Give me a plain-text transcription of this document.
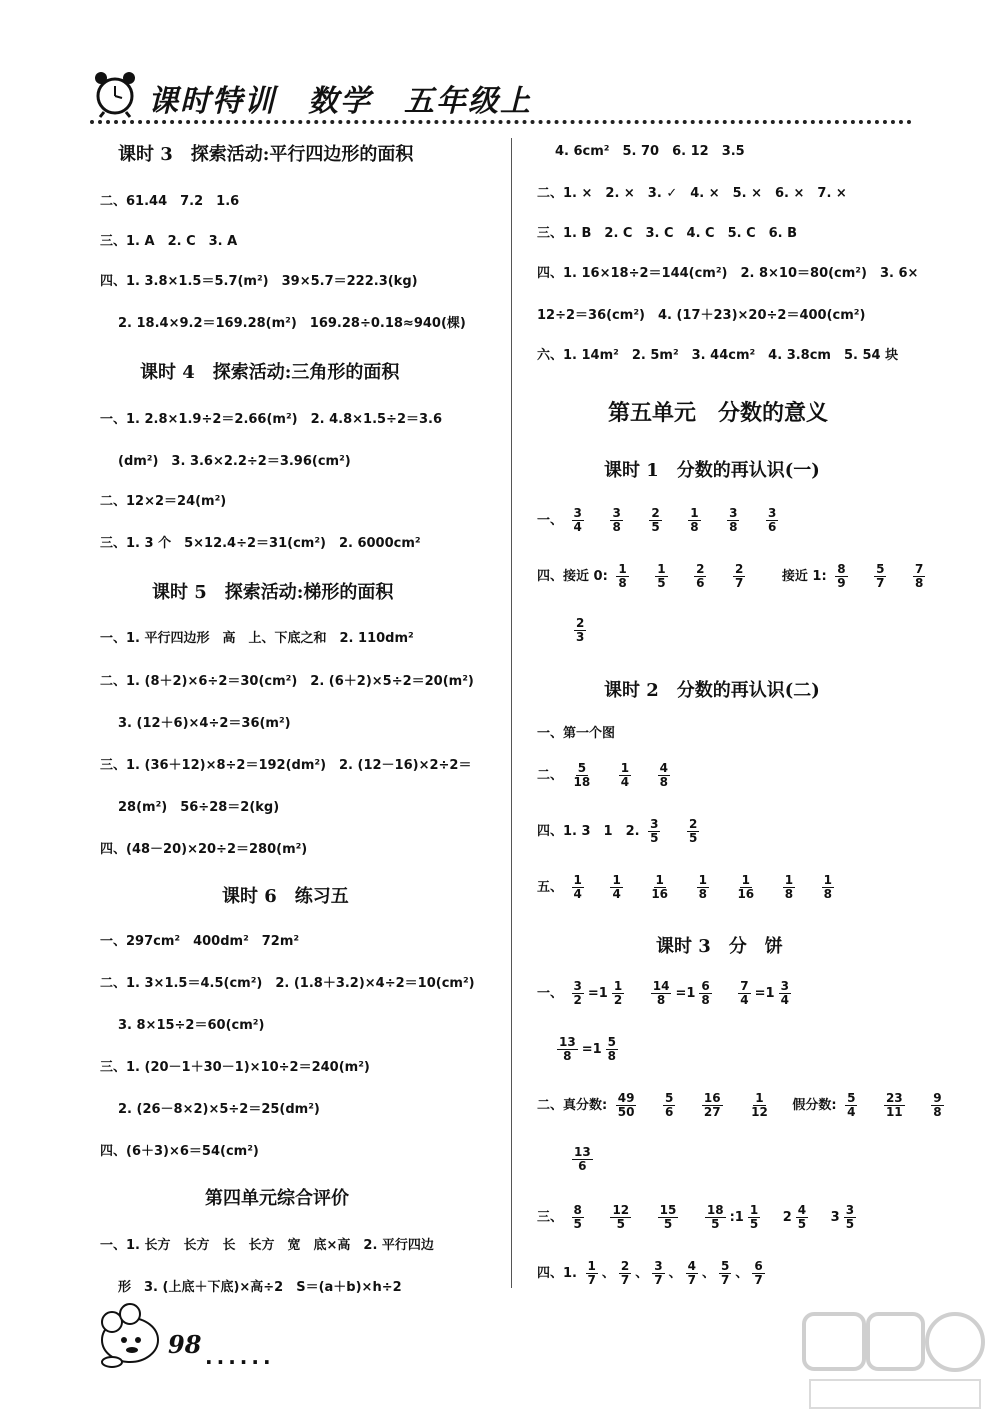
课时特训　数学　五年级上
课时 3　探索活动:平行四边形的面积
二、61.44　7.2　1.6
三、1. A　2. C　3. A
四、1. 3.8×1.5＝5.7(m²)　39×5.7＝222.3(kg)
2. 18.4×9.2＝169.28(m²)　169.28÷0.18≈940(棵)
课时 4　探索活动:三角形的面积
一、1. 2.8×1.9÷2＝2.66(m²)　2. 4.8×1.5÷2＝3.6
(dm²)　3. 3.6×2.2÷2＝3.96(cm²)
二、12×2＝24(m²)
三、1. 3 个　5×12.4÷2＝31(cm²)　2. 6000cm²
课时 5　探索活动:梯形的面积
一、1. 平行四边形　高　上、下底之和　2. 110dm²
二、1. (8＋2)×6÷2＝30(cm²)　2. (6＋2)×5÷2＝20(m²)
3. (12＋6)×4÷2＝36(m²)
三、1. (36＋12)×8÷2＝192(dm²)　2. (12－16)×2÷2＝
28(m²)　56÷28＝2(kg)
四、(48－20)×20÷2＝280(m²)
课时 6　练习五
一、297cm²　400dm²　72m²
二、1. 3×1.5＝4.5(cm²)　2. (1.8＋3.2)×4÷2＝10(cm²)
3. 8×15÷2＝60(cm²)
三、1. (20－1＋30－1)×10÷2＝240(m²)
2. (26－8×2)×5÷2＝25(dm²)
四、(6＋3)×6＝54(cm²)
第四单元综合评价
一、1. 长方　长方　长　长方　宽　底×高　2. 平行四边
形　3. (上底＋下底)×高÷2　S＝(a＋b)×h÷2
4. 6cm²　5. 70　6. 12　3.5
二、1. ×　2. ×　3. ✓　4. ×　5. ×　6. ×　7. ×
三、1. B　2. C　3. C　4. C　5. C　6. B
四、1. 16×18÷2＝144(cm²)　2. 8×10＝80(cm²)　3. 6×
12÷2＝36(cm²)　4. (17＋23)×20÷2＝400(cm²)
六、1. 14m²　2. 5m²　3. 44cm²　4. 3.8cm　5. 54 块
第五单元　分数的意义
课时 1　分数的再认识(一)
一、 $\frac{3}{4}$
$\frac{3}{8}$
$\frac{2}{5}$
$\frac{1}{8}$
$\frac{3}{8}$
$\frac{3}{6}$
四、接近 0: $\frac{1}{8}$
$\frac{1}{5}$
$\frac{2}{6}$
$\frac{2}{7}$	接近 1: $\frac{8}{9}$
$\frac{5}{7}$
$\frac{7}{8}$
$\frac{2}{3}$
课时 2　分数的再认识(二)
一、第一个图
二、 $\frac{5}{18}$
$\frac{1}{4}$
$\frac{4}{8}$
四、1. 3　1　2. $\frac{3}{5}$
$\frac{2}{5}$
五、 $\frac{1}{4}$
$\frac{1}{4}$
$\frac{1}{16}$
$\frac{1}{8}$
$\frac{1}{16}$
$\frac{1}{8}$
$\frac{1}{8}$
课时 3　分　饼
一、 $\frac{3}{2} =1 \frac{1}{2}$
$\frac{14}{8} =1 \frac{6}{8}$
$\frac{7}{4} =1 \frac{3}{4}$
$\frac{13}{8} =1 \frac{5}{8}$
二、真分数: $\frac{49}{50}$
$\frac{5}{6}$
$\frac{16}{27}$
$\frac{1}{12}$ 假分数: $\frac{5}{4}$
$\frac{23}{11}$
$\frac{9}{8}$
$\frac{13}{6}$
三、 $\frac{8}{5}$
$\frac{12}{5}$
$\frac{15}{5}$
$\frac{18}{5}$ :1 $\frac{1}{5} 2 \frac{4}{5} 3 \frac{3}{5}$
四、1. $\frac{1}{7}$ 、 $\frac{2}{7}$ 、 $\frac{3}{7}$ 、 $\frac{4}{7}$ 、 $\frac{5}{7}$ 、 $\frac{6}{7}$
98 ......
